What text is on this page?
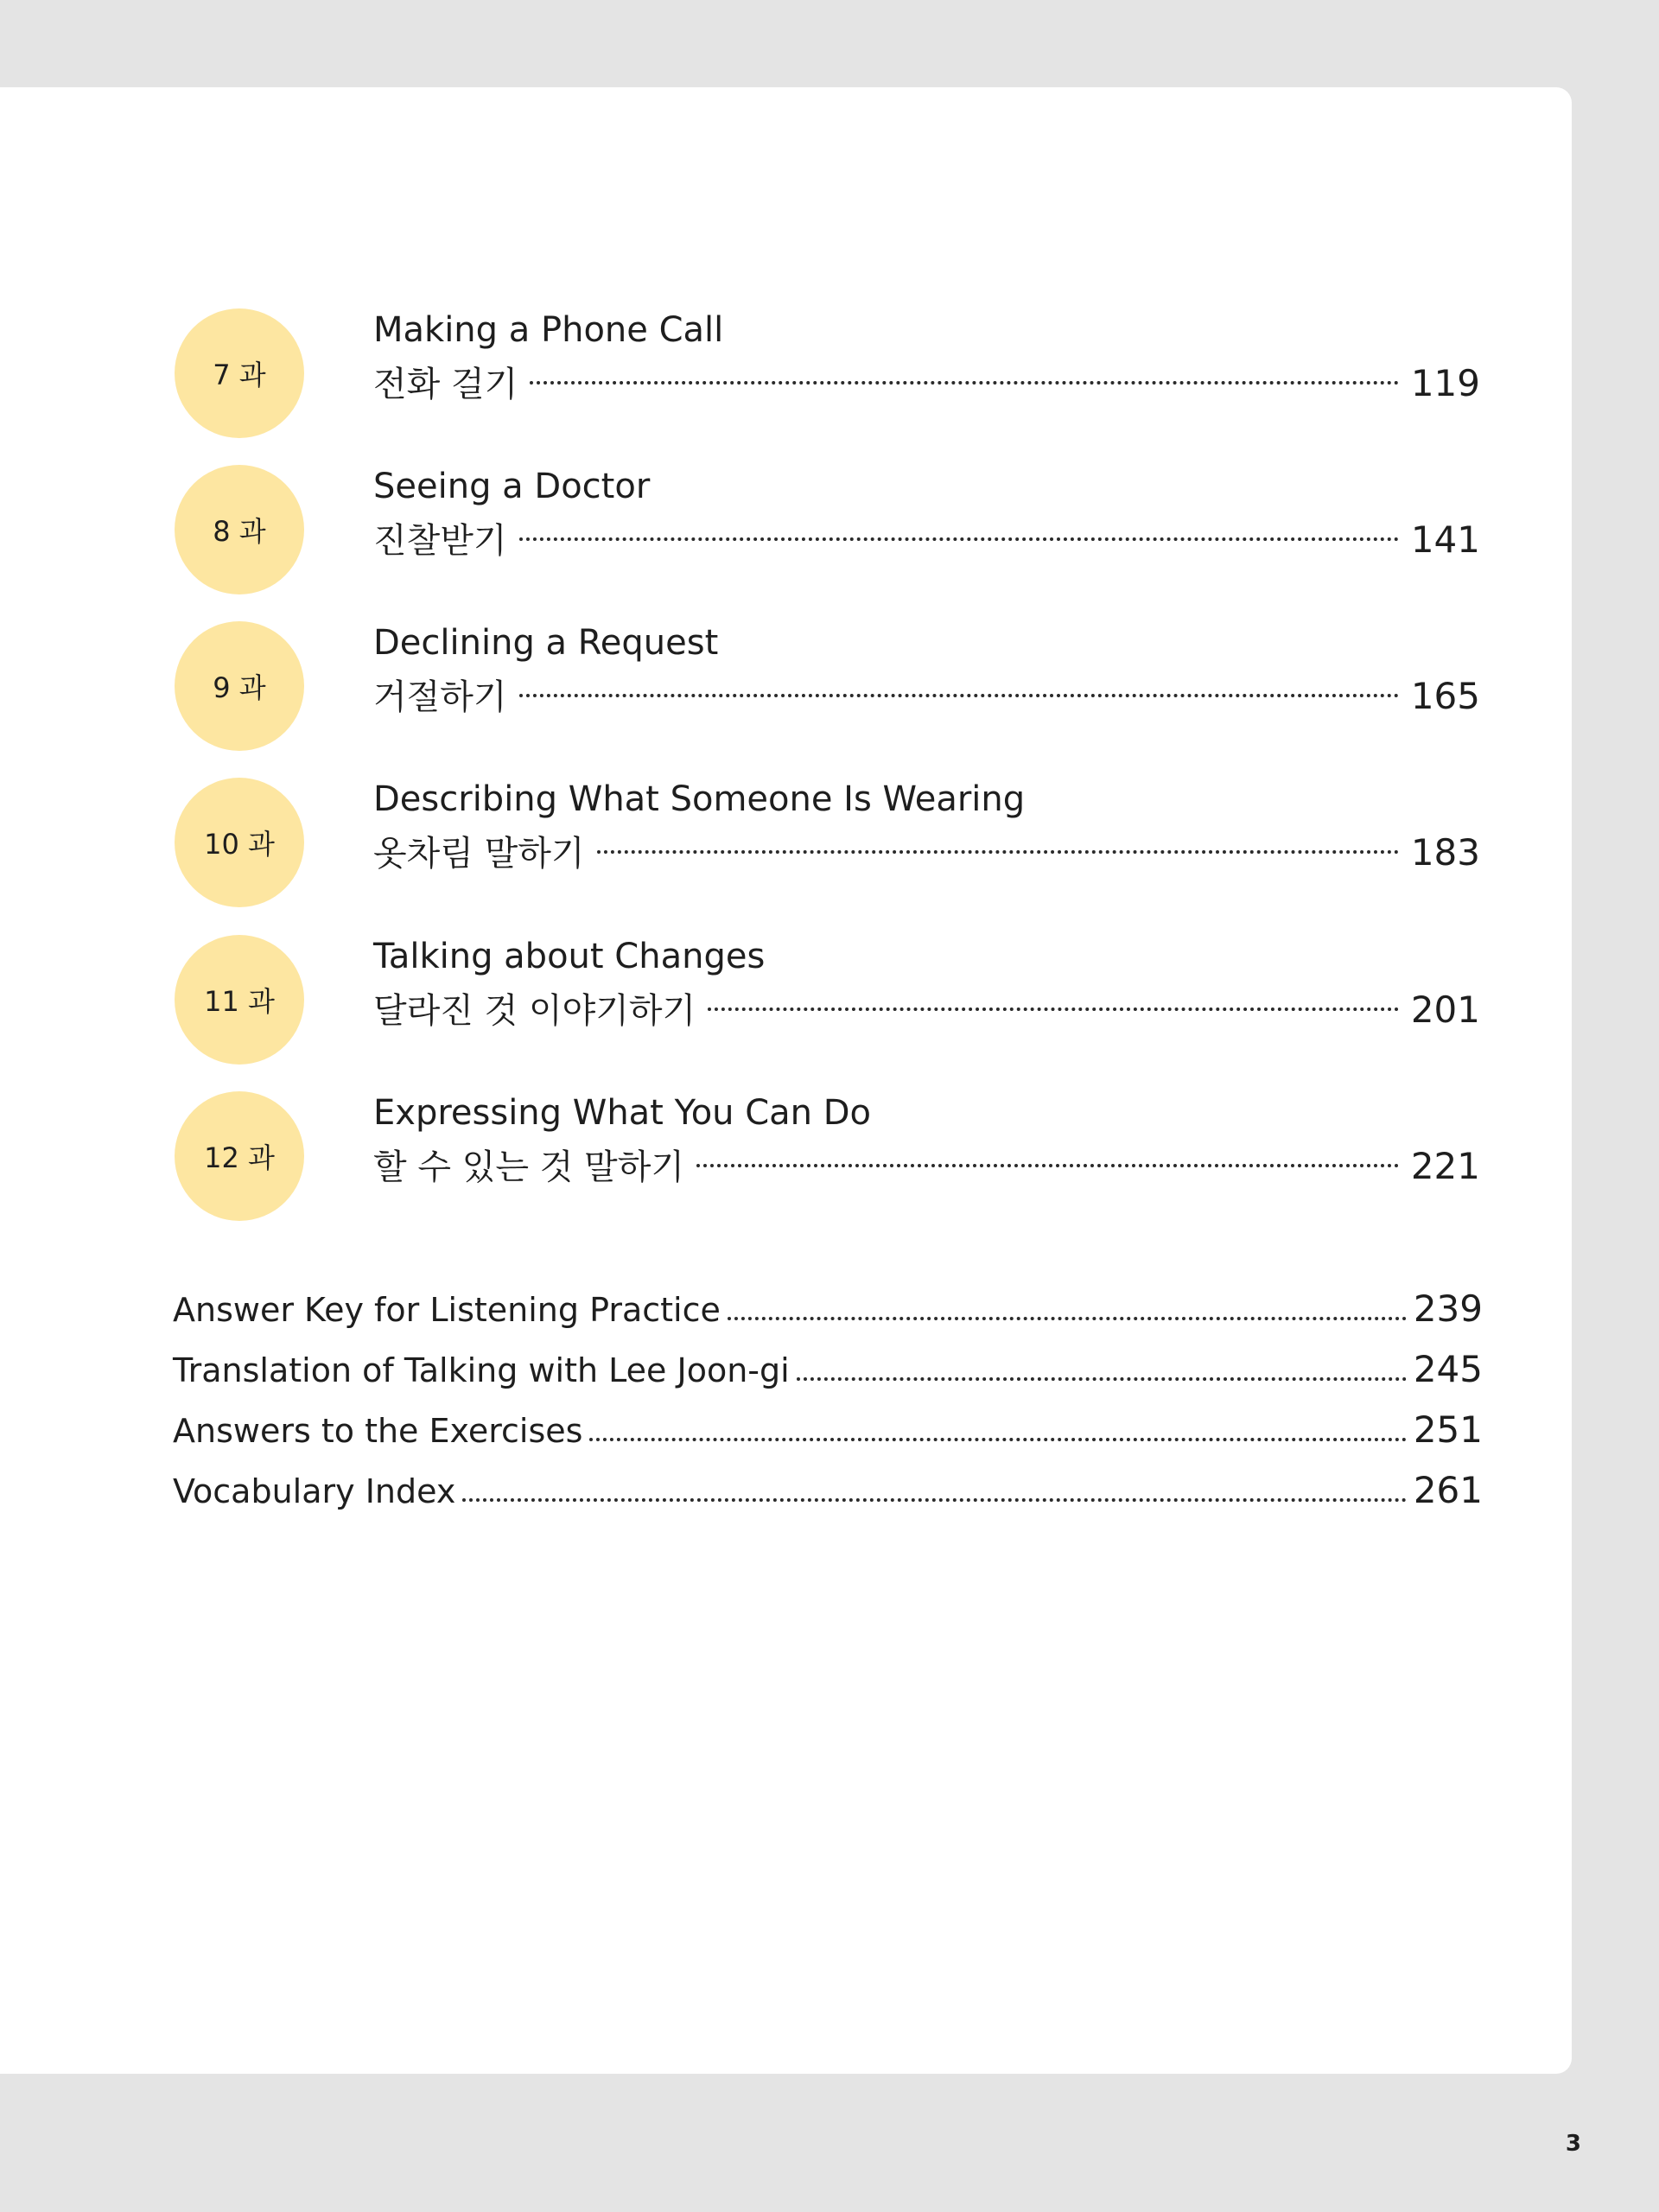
7 과
Making a Phone Call
전화 걸기	119
8 과
Seeing a Doctor
진찰받기	141
9 과
Declining a Request
거절하기	165
10 과
Describing What Someone Is Wearing
옷차림 말하기	183
11 과
Talking about Changes
달라진 것 이야기하기	201
12 과
Expressing What You Can Do
할 수 있는 것 말하기	221
Answer Key for Listening Practice	239
Translation of Talking with Lee Joon-gi	245
Answers to the Exercises	251
Vocabulary Index	261
3
